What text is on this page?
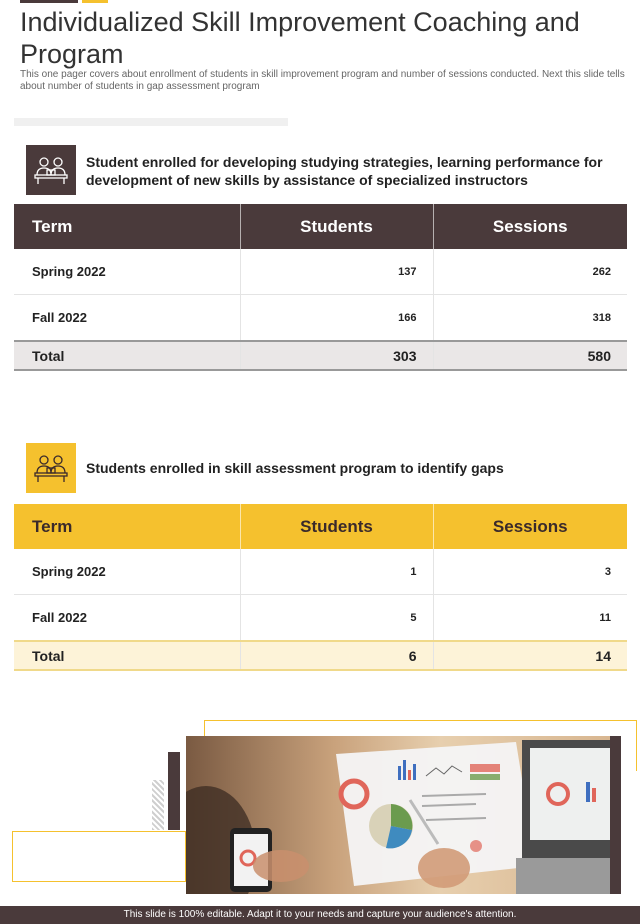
Individualized Skill Improvement Coaching and Program

This one pager covers about enrollment of students in skill improvement program and number of sessions conducted. Next this slide tells about number of students in gap assessment program

Student enrolled for developing studying strategies, learning performance for development of new skills by assistance of specialized instructors

Term	Students	Sessions
Spring 2022	137	262
Fall 2022	166	318
Total	303	580

Students enrolled in skill assessment program to identify gaps

Term	Students	Sessions
Spring 2022	1	3
Fall 2022	5	11
Total	6	14
This slide is 100% editable. Adapt it to your needs and capture your audience's attention.
